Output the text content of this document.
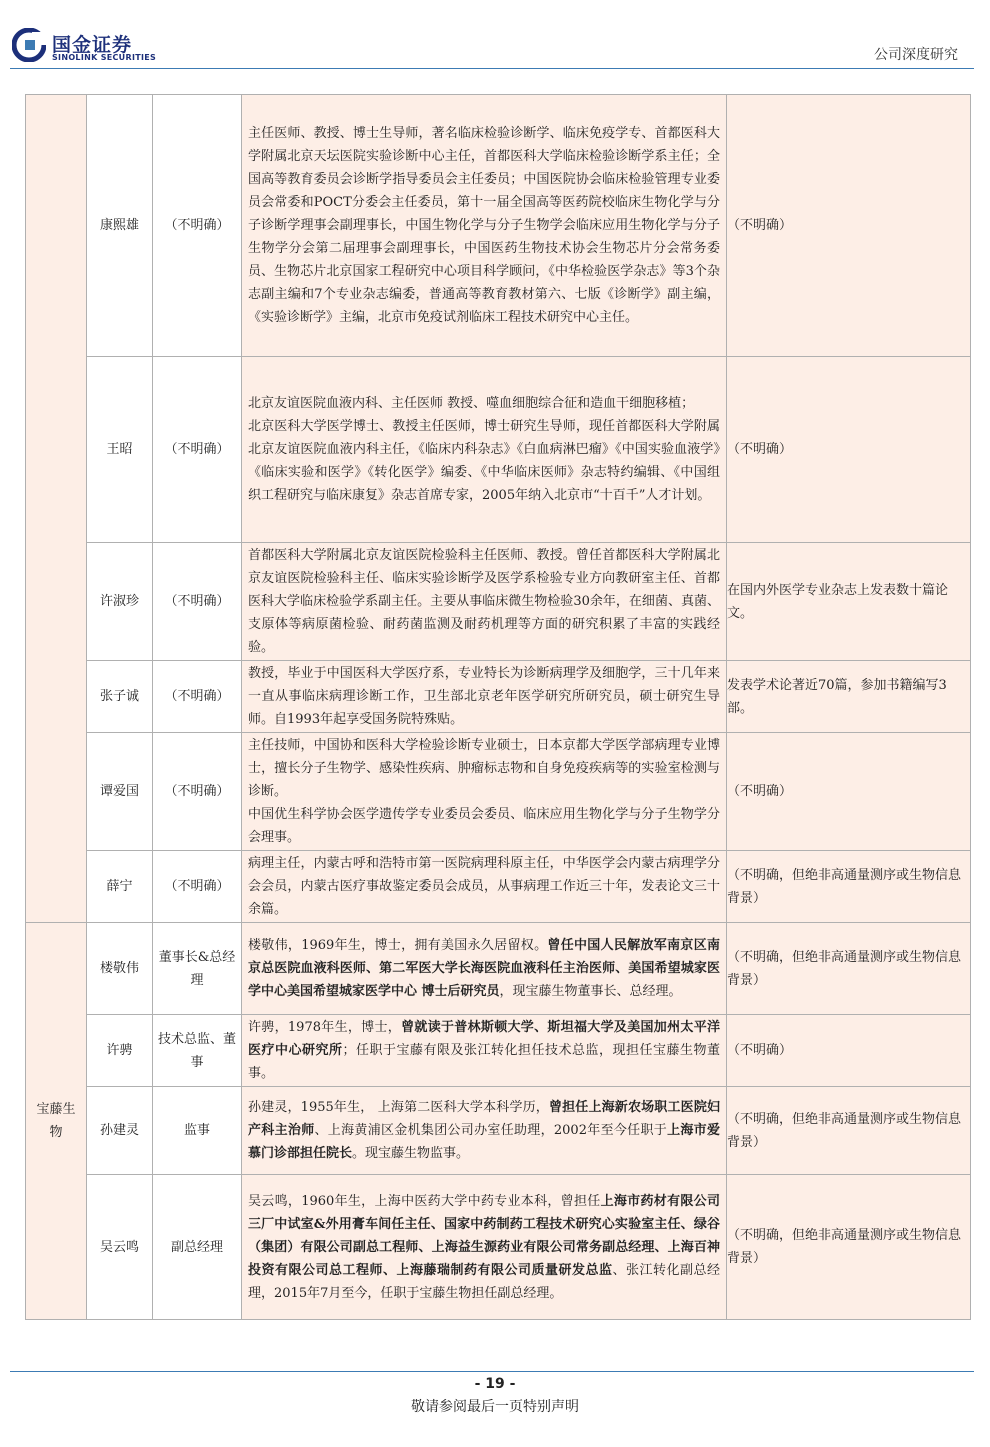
国金证券
SINOLINK SECURITIES	公司深度研究
	康熙雄	（不明确）	主任医师、教授、博士生导师，著名临床检验诊断学、临床免疫学专、首都医科大学附属北京天坛医院实验诊断中心主任，首都医科大学临床检验诊断学系主任；全国高等教育委员会诊断学指导委员会主任委员；中国医院协会临床检验管理专业委员会常委和POCT分委会主任委员，第十一届全国高等医药院校临床生物化学与分子诊断学理事会副理事长，中国生物化学与分子生物学会临床应用生物化学与分子生物学分会第二届理事会副理事长，中国医药生物技术协会生物芯片分会常务委员、生物芯片北京国家工程研究中心项目科学顾问，《中华检验医学杂志》等3个杂志副主编和7个专业杂志编委，普通高等教育教材第六、七版《诊断学》副主编，《实验诊断学》主编，北京市免疫试剂临床工程技术研究中心主任。	（不明确）
	王昭	（不明确）	北京友谊医院血液内科、主任医师 教授、噬血细胞综合征和造血干细胞移植；
北京医科大学医学博士、教授主任医师，博士研究生导师，现任首都医科大学附属北京友谊医院血液内科主任，《临床内科杂志》《白血病淋巴瘤》《中国实验血液学》《临床实验和医学》《转化医学》编委、《中华临床医师》杂志特约编辑、《中国组织工程研究与临床康复》杂志首席专家，2005年纳入北京市“十百千”人才计划。	（不明确）
	许淑珍	（不明确）	首都医科大学附属北京友谊医院检验科主任医师、教授。曾任首都医科大学附属北京友谊医院检验科主任、临床实验诊断学及医学系检验专业方向教研室主任、首都医科大学临床检验学系副主任。主要从事临床微生物检验30余年，在细菌、真菌、支原体等病原菌检验、耐药菌监测及耐药机理等方面的研究积累了丰富的实践经验。	在国内外医学专业杂志上发表数十篇论文。
	张子诚	（不明确）	教授，毕业于中国医科大学医疗系，专业特长为诊断病理学及细胞学，三十几年来一直从事临床病理诊断工作，卫生部北京老年医学研究所研究员，硕士研究生导师。自1993年起享受国务院特殊贴。	发表学术论著近70篇，参加书籍编写3部。
	谭爱国	（不明确）	主任技师，中国协和医科大学检验诊断专业硕士，日本京都大学医学部病理专业博士，擅长分子生物学、感染性疾病、肿瘤标志物和自身免疫疾病等的实验室检测与诊断。
中国优生科学协会医学遗传学专业委员会委员、临床应用生物化学与分子生物学分会理事。	（不明确）
	薛宁	（不明确）	病理主任，内蒙古呼和浩特市第一医院病理科原主任，中华医学会内蒙古病理学分会会员，内蒙古医疗事故鉴定委员会成员，从事病理工作近三十年，发表论文三十余篇。	（不明确，但绝非高通量测序或生物信息背景）

宝藤生物	楼敬伟	董事长&总经理	楼敬伟，1969年生，博士，拥有美国永久居留权。曾任中国人民解放军南京区南京总医院血液科医师、第二军医大学长海医院血液科任主治医师、美国希望城家医学中心美国希望城家医学中心 博士后研究员，现宝藤生物董事长、总经理。	（不明确，但绝非高通量测序或生物信息背景）
	许骋	技术总监、董事	许骋，1978年生，博士，曾就读于普林斯顿大学、斯坦福大学及美国加州太平洋医疗中心研究所；任职于宝藤有限及张江转化担任技术总监，现担任宝藤生物董事。	（不明确）
	孙建灵	监事	孙建灵，1955年生， 上海第二医科大学本科学历，曾担任上海新农场职工医院妇产科主治师、上海黄浦区金机集团公司办室任助理，2002年至今任职于上海市爱慕门诊部担任院长。现宝藤生物监事。	（不明确，但绝非高通量测序或生物信息背景）
	吴云鸣	副总经理	吴云鸣，1960年生，上海中医药大学中药专业本科，曾担任上海市药材有限公司三厂中试室&外用膏车间任主任、国家中药制药工程技术研究心实验室主任、绿谷（集团）有限公司副总工程师、上海益生源药业有限公司常务副总经理、上海百神投资有限公司总工程师、上海藤瑞制药有限公司质量研发总监、张江转化副总经理，2015年7月至今，任职于宝藤生物担任副总经理。	（不明确，但绝非高通量测序或生物信息背景）
- 19 -
敬请参阅最后一页特别声明
